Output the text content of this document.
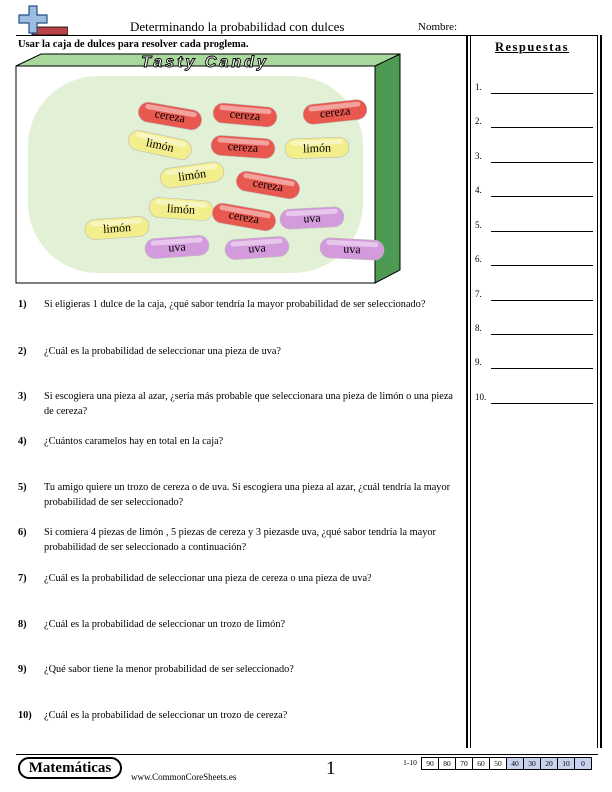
Determinando la probabilidad con dulces	Nombre:
Usar la caja de dulces para resolver cada proglema.	Respuestas
1.
2.
3.
4.
5.
6.
7.
8.
9.
10.
Tasty Candy
cereza	cereza	cereza
limón	cereza	limón
limón
cereza
limón	cereza	uva
limón
uva	uva	uva
1) Si eligieras 1 dulce de la caja, ¿qué sabor tendría la mayor probabilidad de ser seleccionado?
2) ¿Cuál es la probabilidad de seleccionar una pieza de uva?
3) Si escogiera una pieza al azar, ¿sería más probable que seleccionara una pieza de limón o una pieza de cereza?
4) ¿Cuántos caramelos hay en total en la caja?
5) Tu amigo quiere un trozo de cereza o de uva. Si escogiera una pieza al azar, ¿cuál tendría la mayor probabilidad de ser seleccionado?
6) Si comiera 4 piezas de limón , 5 piezas de cereza y 3 piezasde uva, ¿qué sabor tendría la mayor probabilidad de ser seleccionado a continuación?
7) ¿Cuál es la probabilidad de seleccionar una pieza de cereza o una pieza de uva?
8) ¿Cuál es la probabilidad de seleccionar un trozo de limón?
9) ¿Qué sabor tiene la menor probabilidad de ser seleccionado?
10) ¿Cuál es la probabilidad de seleccionar un trozo de cereza?
Matemáticas
www.CommonCoreSheets.es	1	1-10	90	80	70	60	50	40	30	20	10	0
